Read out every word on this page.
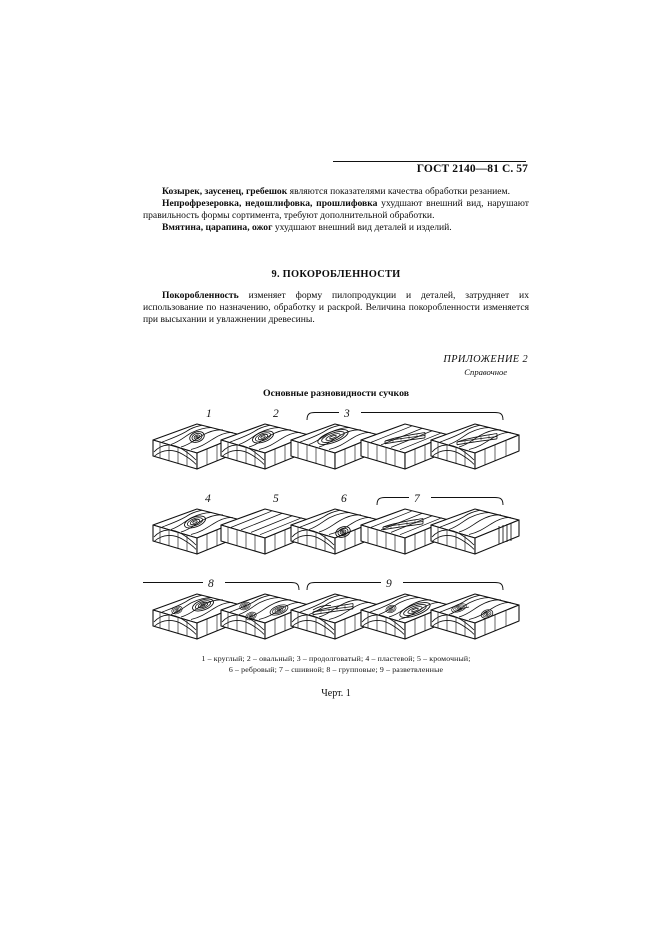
ГОСТ 2140—81 С. 57

Козырек, заусенец, гребешок являются показателями качества обработки резанием.

Непрофрезеровка, недошлифовка, прошлифовка ухудшают внешний вид, нарушают правильность формы сортимента, требуют дополнительной обработки.

Вмятина, царапина, ожог ухудшают внешний вид деталей и изделий.

9. ПОКОРОБЛЕННОСТИ

Покоробленность изменяет форму пилопродукции и деталей, затрудняет их использование по назначению, обработку и раскрой. Величина покоробленности изменяется при высыхании и увлажнении древесины.

ПРИЛОЖЕНИЕ 2
Справочное
Основные разновидности сучков
1	2	3
4	5	6	7
8	9
1 – круглый; 2 – овальный; 3 – продолговатый; 4 – пластевой; 5 – кромочный;
6 – ребровый; 7 – сшивной; 8 – групповые; 9 – разветвленные
Черт. 1
